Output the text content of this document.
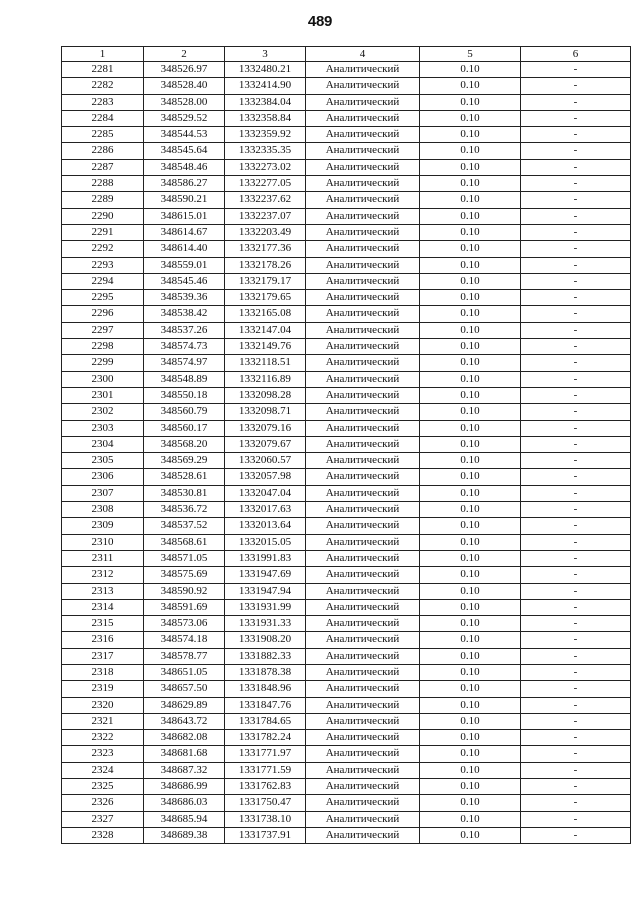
489
1	2	3	4	5	6
2281	348526.97	1332480.21	Аналитический	0.10	-
2282	348528.40	1332414.90	Аналитический	0.10	-
2283	348528.00	1332384.04	Аналитический	0.10	-
2284	348529.52	1332358.84	Аналитический	0.10	-
2285	348544.53	1332359.92	Аналитический	0.10	-
2286	348545.64	1332335.35	Аналитический	0.10	-
2287	348548.46	1332273.02	Аналитический	0.10	-
2288	348586.27	1332277.05	Аналитический	0.10	-
2289	348590.21	1332237.62	Аналитический	0.10	-
2290	348615.01	1332237.07	Аналитический	0.10	-
2291	348614.67	1332203.49	Аналитический	0.10	-
2292	348614.40	1332177.36	Аналитический	0.10	-
2293	348559.01	1332178.26	Аналитический	0.10	-
2294	348545.46	1332179.17	Аналитический	0.10	-
2295	348539.36	1332179.65	Аналитический	0.10	-
2296	348538.42	1332165.08	Аналитический	0.10	-
2297	348537.26	1332147.04	Аналитический	0.10	-
2298	348574.73	1332149.76	Аналитический	0.10	-
2299	348574.97	1332118.51	Аналитический	0.10	-
2300	348548.89	1332116.89	Аналитический	0.10	-
2301	348550.18	1332098.28	Аналитический	0.10	-
2302	348560.79	1332098.71	Аналитический	0.10	-
2303	348560.17	1332079.16	Аналитический	0.10	-
2304	348568.20	1332079.67	Аналитический	0.10	-
2305	348569.29	1332060.57	Аналитический	0.10	-
2306	348528.61	1332057.98	Аналитический	0.10	-
2307	348530.81	1332047.04	Аналитический	0.10	-
2308	348536.72	1332017.63	Аналитический	0.10	-
2309	348537.52	1332013.64	Аналитический	0.10	-
2310	348568.61	1332015.05	Аналитический	0.10	-
2311	348571.05	1331991.83	Аналитический	0.10	-
2312	348575.69	1331947.69	Аналитический	0.10	-
2313	348590.92	1331947.94	Аналитический	0.10	-
2314	348591.69	1331931.99	Аналитический	0.10	-
2315	348573.06	1331931.33	Аналитический	0.10	-
2316	348574.18	1331908.20	Аналитический	0.10	-
2317	348578.77	1331882.33	Аналитический	0.10	-
2318	348651.05	1331878.38	Аналитический	0.10	-
2319	348657.50	1331848.96	Аналитический	0.10	-
2320	348629.89	1331847.76	Аналитический	0.10	-
2321	348643.72	1331784.65	Аналитический	0.10	-
2322	348682.08	1331782.24	Аналитический	0.10	-
2323	348681.68	1331771.97	Аналитический	0.10	-
2324	348687.32	1331771.59	Аналитический	0.10	-
2325	348686.99	1331762.83	Аналитический	0.10	-
2326	348686.03	1331750.47	Аналитический	0.10	-
2327	348685.94	1331738.10	Аналитический	0.10	-
2328	348689.38	1331737.91	Аналитический	0.10	-
